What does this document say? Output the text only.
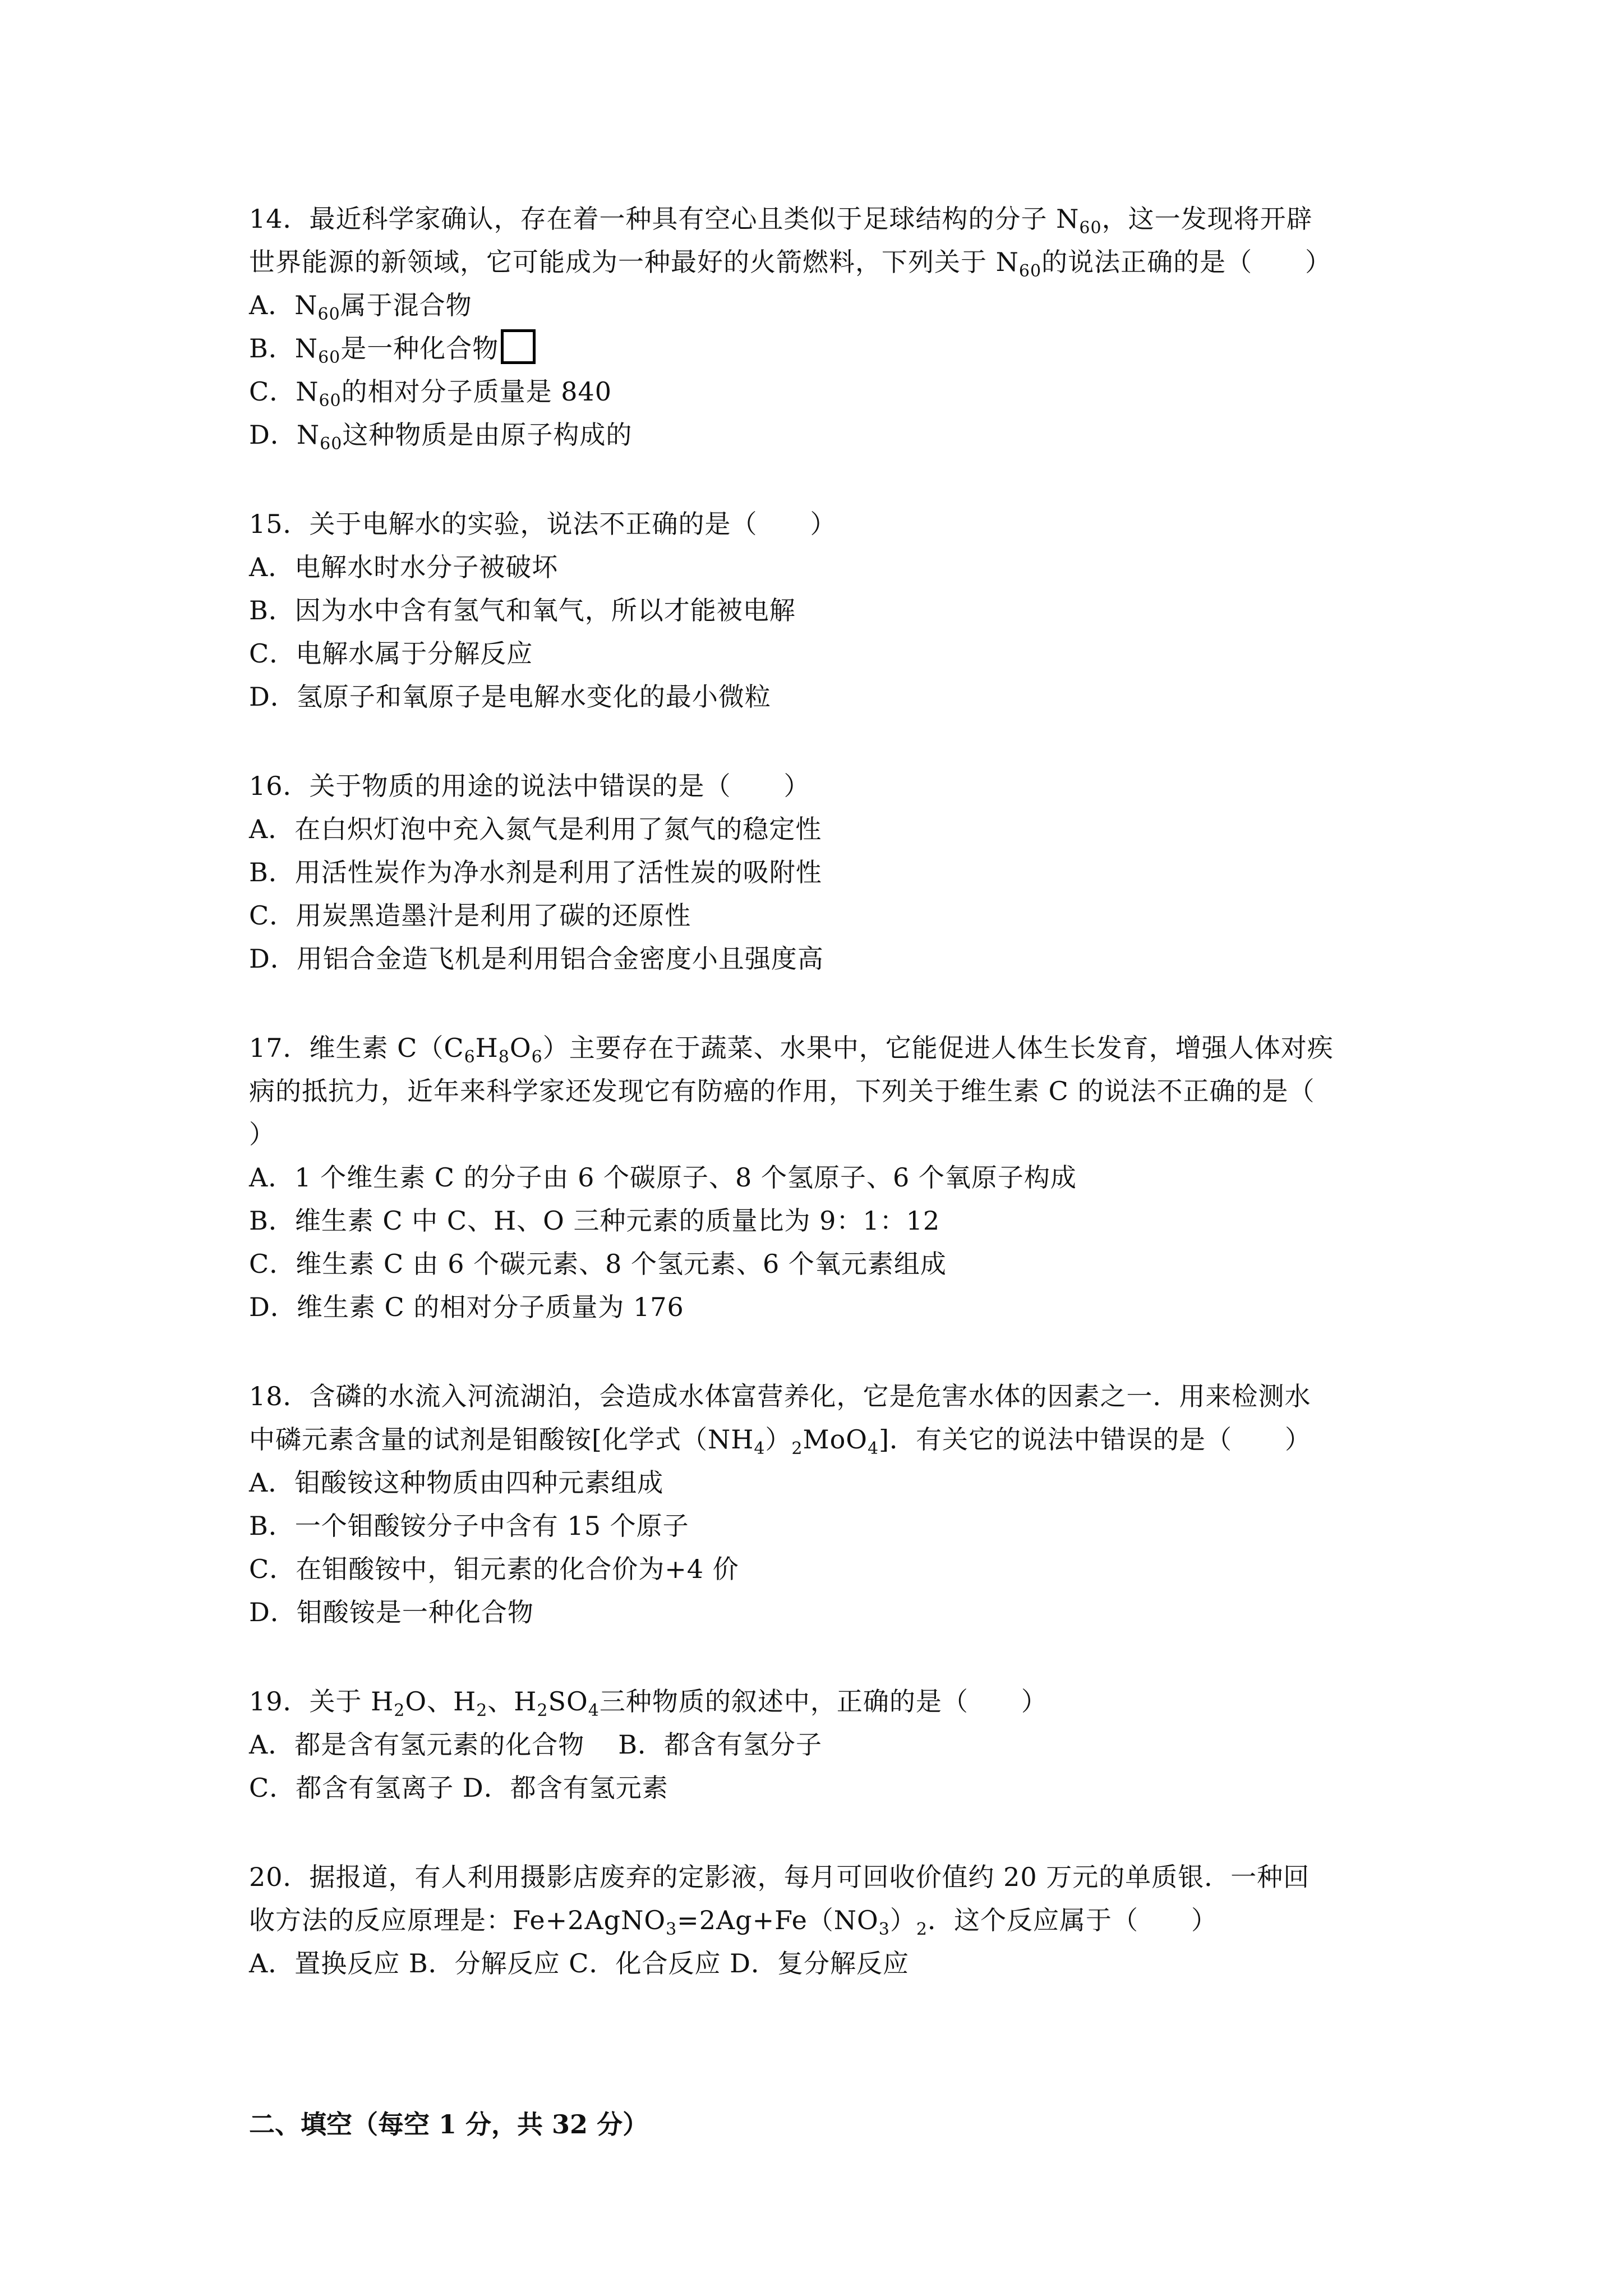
14．最近科学家确认，存在着一种具有空心且类似于足球结构的分子 $N_{60}$，这一发现将开辟
世界能源的新领域，它可能成为一种最好的火箭燃料，下列关于 $N_{60}$的说法正确的是（　　）
A．$N_{60}$属于混合物
B．$N_{60}$是一种化合物
C．$N_{60}$的相对分子质量是 840
D．$N_{60}$这种物质是由原子构成的
15．关于电解水的实验，说法不正确的是（　　）
A．电解水时水分子被破坏
B．因为水中含有氢气和氧气，所以才能被电解
C．电解水属于分解反应
D．氢原子和氧原子是电解水变化的最小微粒
16．关于物质的用途的说法中错误的是（　　）
A．在白炽灯泡中充入氮气是利用了氮气的稳定性
B．用活性炭作为净水剂是利用了活性炭的吸附性
C．用炭黑造墨汁是利用了碳的还原性
D．用铝合金造飞机是利用铝合金密度小且强度高
17．维生素 $C(C_6H_8O_6)$主要存在于蔬菜、水果中，它能促进人体生长发育，增强人体对疾
病的抵抗力，近年来科学家还发现它有防癌的作用，下列关于维生素 C 的说法不正确的是（
）
A．1 个维生素 C 的分子由 6 个碳原子、8 个氢原子、6 个氧原子构成
B．维生素 C 中 C、H、O 三种元素的质量比为 9：1：12
C．维生素 C 由 6 个碳元素、8 个氢元素、6 个氧元素组成
D．维生素 C 的相对分子质量为 176
18．含磷的水流入河流湖泊，会造成水体富营养化，它是危害水体的因素之一．用来检测水
中磷元素含量的试剂是钼酸铵[化学式$(NH_4)_2MoO_4$]．有关它的说法中错误的是（　　）
A．钼酸铵这种物质由四种元素组成
B．一个钼酸铵分子中含有 15 个原子
C．在钼酸铵中，钼元素的化合价为+4 价
D．钼酸铵是一种化合物
19．关于 $H_2O$、$H_2$、$H_2SO_4$三种物质的叙述中，正确的是（　　）
A．都是含有氢元素的化合物 B．都含有氢分子
C．都含有氢离子 D．都含有氢元素
20．据报道，有人利用摄影店废弃的定影液，每月可回收价值约 20 万元的单质银．一种回
收方法的反应原理是：$Fe+2AgNO_3=2Ag+Fe(NO_3)_2$．这个反应属于（　　）
A．置换反应 B．分解反应 C．化合反应 D．复分解反应
二、填空（每空 1 分，共 32 分）
